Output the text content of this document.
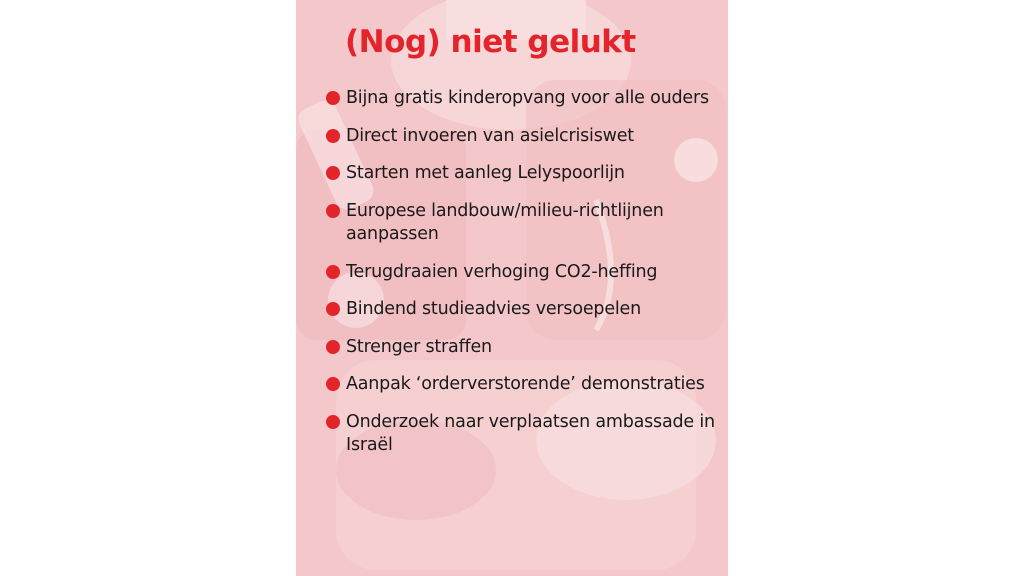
(Nog) niet gelukt
Bijna gratis kinderopvang voor alle ouders
Direct invoeren van asielcrisiswet
Starten met aanleg Lelyspoorlijn
Europese landbouw/milieu-richtlijnen aanpassen
Terugdraaien verhoging CO2-heffing
Bindend studieadvies versoepelen
Strenger straffen
Aanpak ‘orderverstorende’ demonstraties
Onderzoek naar verplaatsen ambassade in Israël
